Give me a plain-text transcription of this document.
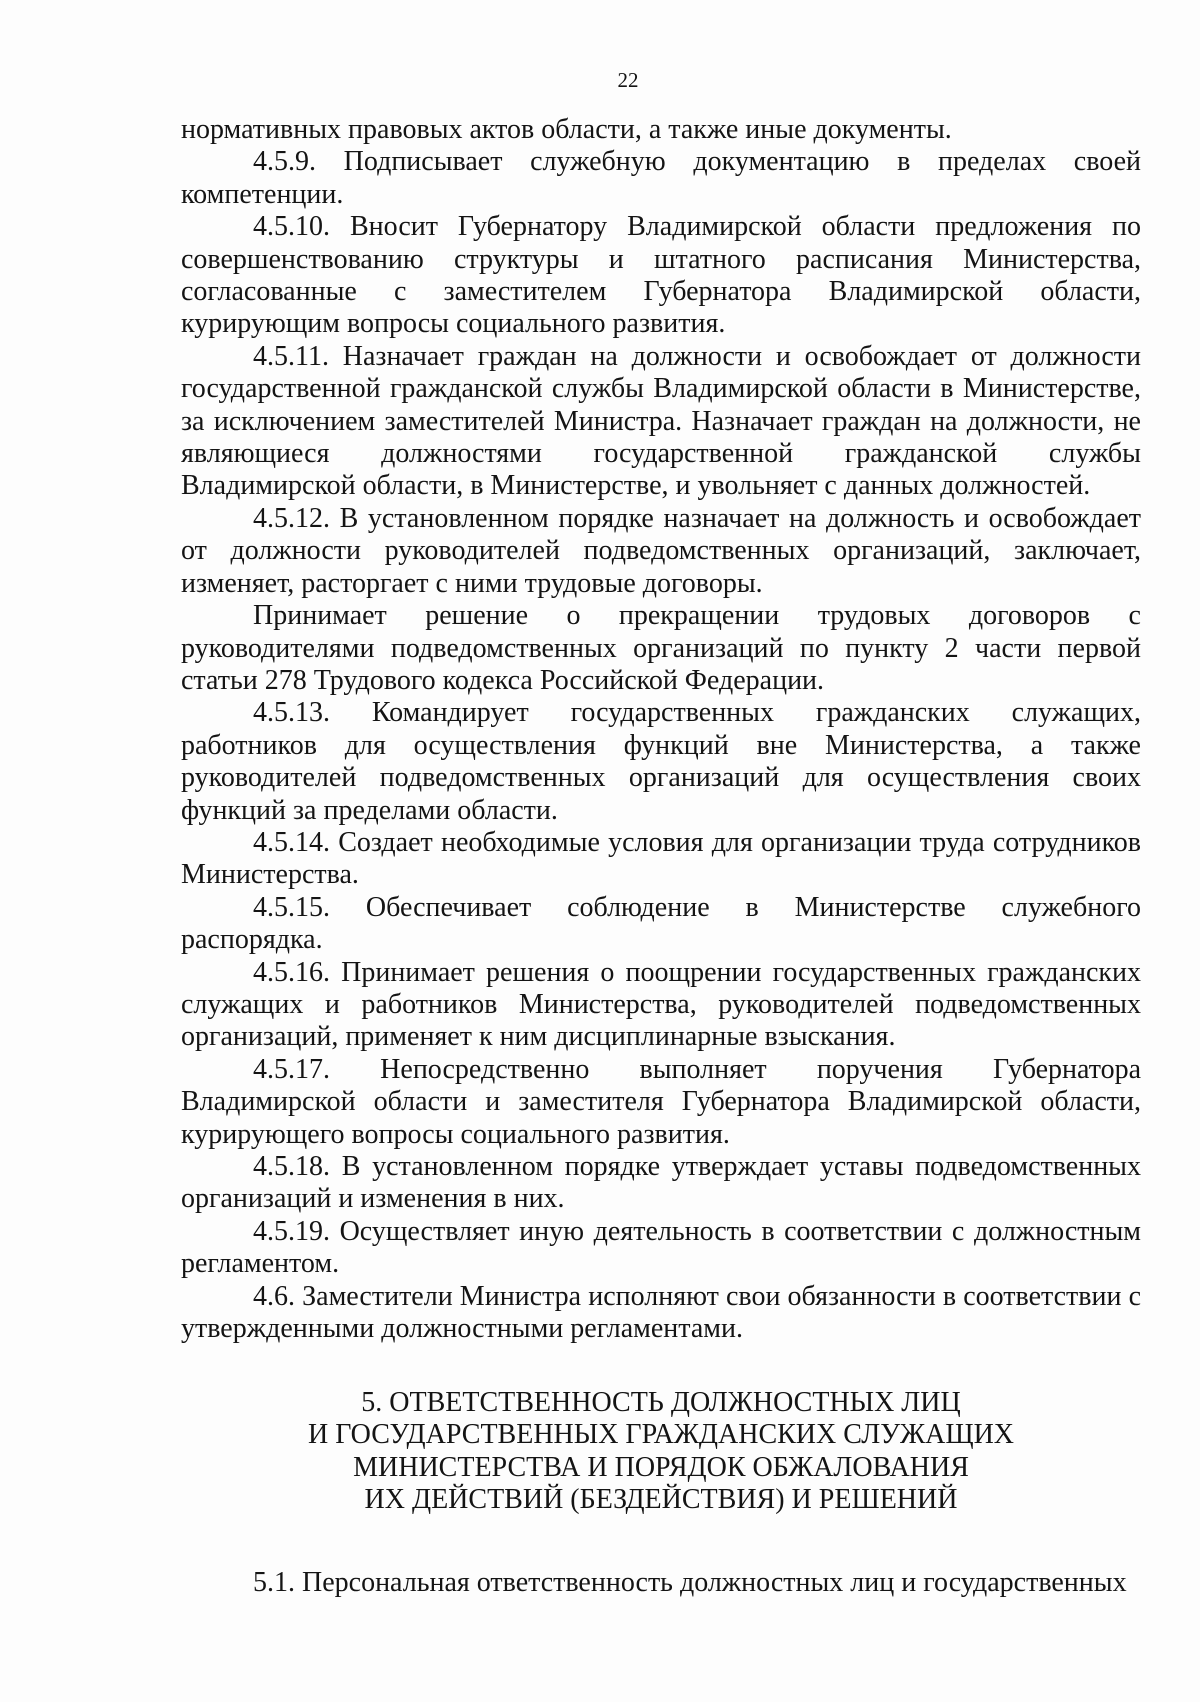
22

нормативных правовых актов области, а также иные документы.

4.5.9. Подписывает служебную документацию в пределах своей компетенции.

4.5.10. Вносит Губернатору Владимирской области предложения по совершенствованию структуры и штатного расписания Министерства, согласованные с заместителем Губернатора Владимирской области, курирующим вопросы социального развития.

4.5.11. Назначает граждан на должности и освобождает от должности государственной гражданской службы Владимирской области в Министерстве, за исключением заместителей Министра. Назначает граждан на должности, не являющиеся должностями государственной гражданской службы Владимирской области, в Министерстве, и увольняет с данных должностей.

4.5.12. В установленном порядке назначает на должность и освобождает от должности руководителей подведомственных организаций, заключает, изменяет, расторгает с ними трудовые договоры.

Принимает решение о прекращении трудовых договоров с руководителями подведомственных организаций по пункту 2 части первой статьи 278 Трудового кодекса Российской Федерации.

4.5.13. Командирует государственных гражданских служащих, работников для осуществления функций вне Министерства, а также руководителей подведомственных организаций для осуществления своих функций за пределами области.

4.5.14. Создает необходимые условия для организации труда сотрудников Министерства.

4.5.15. Обеспечивает соблюдение в Министерстве служебного распорядка.

4.5.16. Принимает решения о поощрении государственных гражданских служащих и работников Министерства, руководителей подведомственных организаций, применяет к ним дисциплинарные взыскания.

4.5.17. Непосредственно выполняет поручения Губернатора Владимирской области и заместителя Губернатора Владимирской области, курирующего вопросы социального развития.

4.5.18. В установленном порядке утверждает уставы подведомственных организаций и изменения в них.

4.5.19. Осуществляет иную деятельность в соответствии с должностным регламентом.

4.6. Заместители Министра исполняют свои обязанности в соответствии с утвержденными должностными регламентами.

5. ОТВЕТСТВЕННОСТЬ ДОЛЖНОСТНЫХ ЛИЦ
И ГОСУДАРСТВЕННЫХ ГРАЖДАНСКИХ СЛУЖАЩИХ
МИНИСТЕРСТВА И ПОРЯДОК ОБЖАЛОВАНИЯ
ИХ ДЕЙСТВИЙ (БЕЗДЕЙСТВИЯ) И РЕШЕНИЙ

5.1. Персональная ответственность должностных лиц и государственных
